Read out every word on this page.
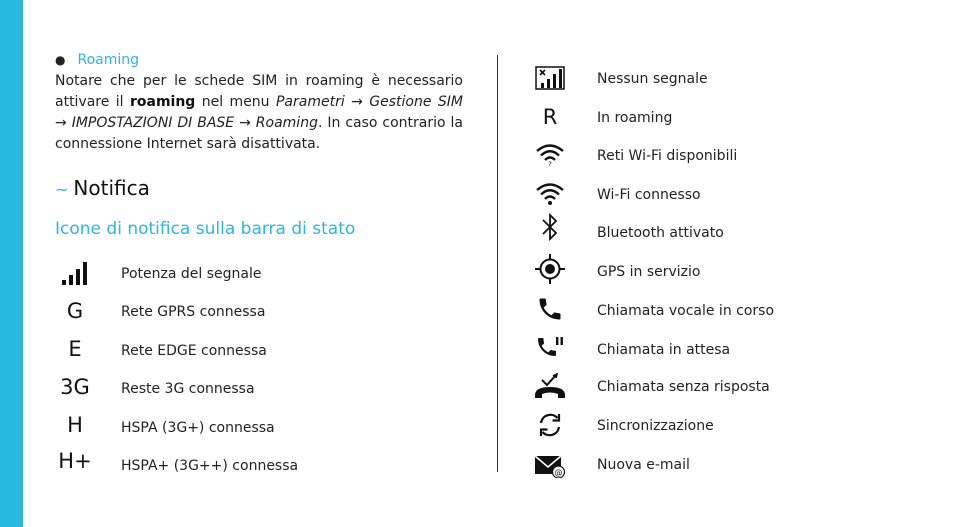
● Roaming
Notare che per le schede SIM in roaming è necessario attivare il roaming nel menu Parametri → Gestione SIM → IMPOSTAZIONI DI BASE → Roaming. In caso contrario la connessione Internet sarà disattivata.
~ Notifica
Icone di notifica sulla barra di stato
Potenza del segnale
G	Rete GPRS connessa
E	Rete EDGE connessa
3G	Reste 3G connessa
H	HSPA (3G+) connessa
H+ HSPA+ (3G++) connessa
Nessun segnale
R	In roaming
?
Reti Wi-Fi disponibili
Wi-Fi connesso
Bluetooth attivato
GPS in servizio
Chiamata vocale in corso
Chiamata in attesa
Chiamata senza risposta
Sincronizzazione
@ Nuova e-mail
